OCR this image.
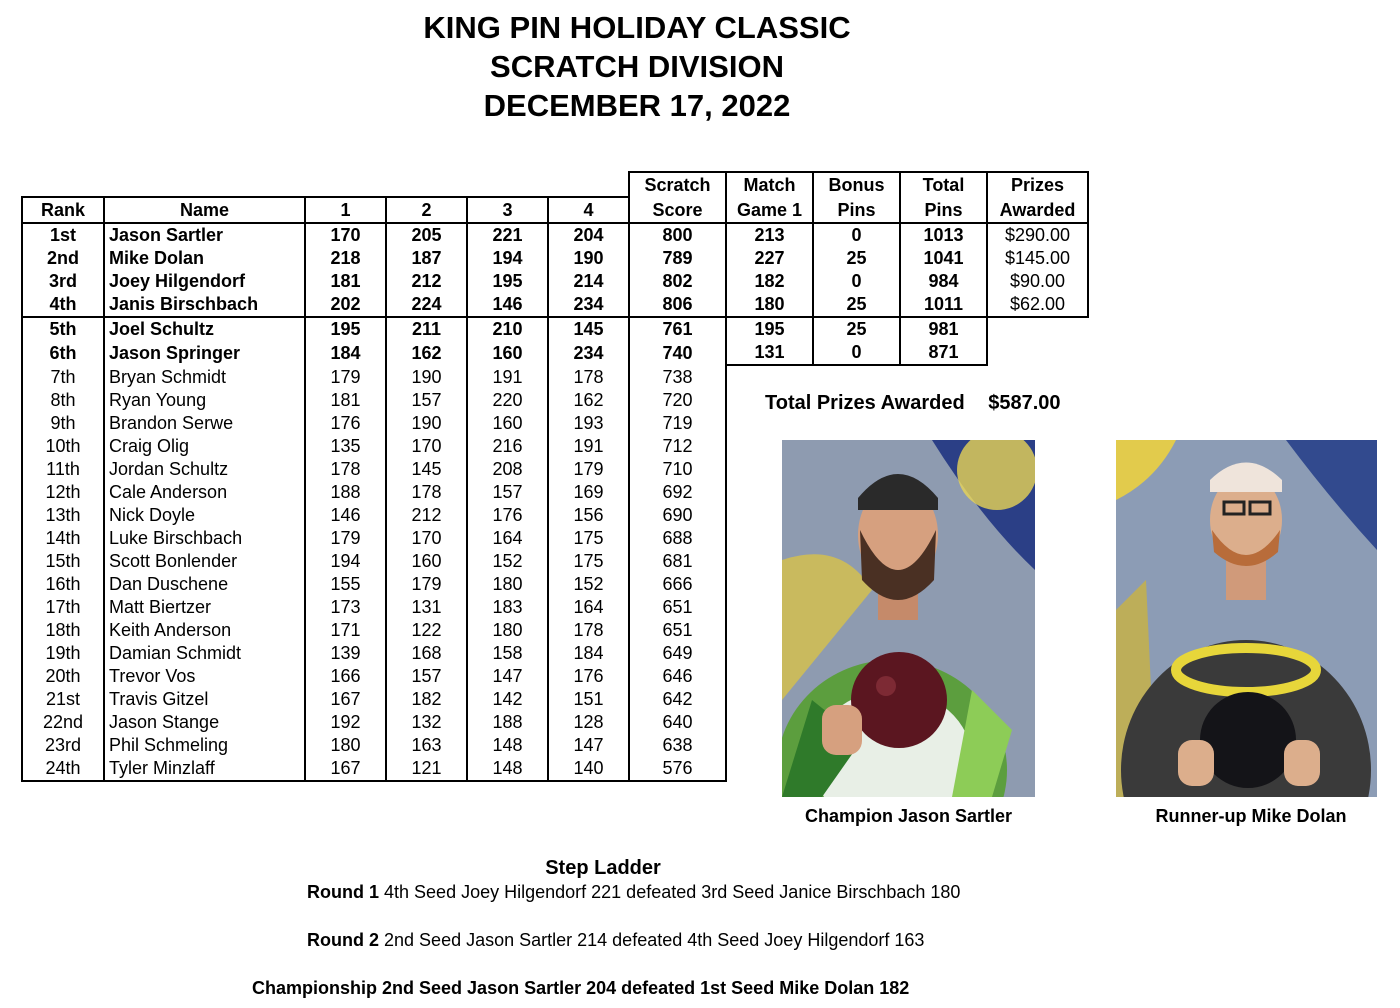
KING PIN HOLIDAY CLASSIC
SCRATCH DIVISION
DECEMBER 17, 2022
						Scratch	Match	Bonus	Total	Prizes
Rank	Name	1	2	3	4	Score	Game 1	Pins	Pins	Awarded
1st	Jason Sartler	170	205	221	204	800	213	0	1013	$290.00
2nd	Mike Dolan	218	187	194	190	789	227	25	1041	$145.00
3rd	Joey Hilgendorf	181	212	195	214	802	182	0	984	$90.00
4th	Janis Birschbach	202	224	146	234	806	180	25	1011	$62.00
5th	Joel Schultz	195	211	210	145	761	195	25	981	
6th	Jason Springer	184	162	160	234	740	131	0	871	
7th	Bryan Schmidt	179	190	191	178	738				
8th	Ryan Young	181	157	220	162	720				
9th	Brandon Serwe	176	190	160	193	719				
10th	Craig Olig	135	170	216	191	712				
11th	Jordan Schultz	178	145	208	179	710				
12th	Cale Anderson	188	178	157	169	692				
13th	Nick Doyle	146	212	176	156	690				
14th	Luke Birschbach	179	170	164	175	688				
15th	Scott Bonlender	194	160	152	175	681				
16th	Dan Duschene	155	179	180	152	666				
17th	Matt Biertzer	173	131	183	164	651				
18th	Keith Anderson	171	122	180	178	651				
19th	Damian Schmidt	139	168	158	184	649				
20th	Trevor Vos	166	157	147	176	646				
21st	Travis Gitzel	167	182	142	151	642				
22nd	Jason Stange	192	132	188	128	640				
23rd	Phil Schmeling	180	163	148	147	638				
24th	Tyler Minzlaff	167	121	148	140	576				
Total Prizes Awarded $587.00
Champion Jason Sartler	Runner-up Mike Dolan
Step Ladder
Round 1 4th Seed Joey Hilgendorf 221 defeated 3rd Seed Janice Birschbach 180
Round 2 2nd Seed Jason Sartler 214 defeated 4th Seed Joey Hilgendorf 163
Championship 2nd Seed Jason Sartler 204 defeated 1st Seed Mike Dolan 182
